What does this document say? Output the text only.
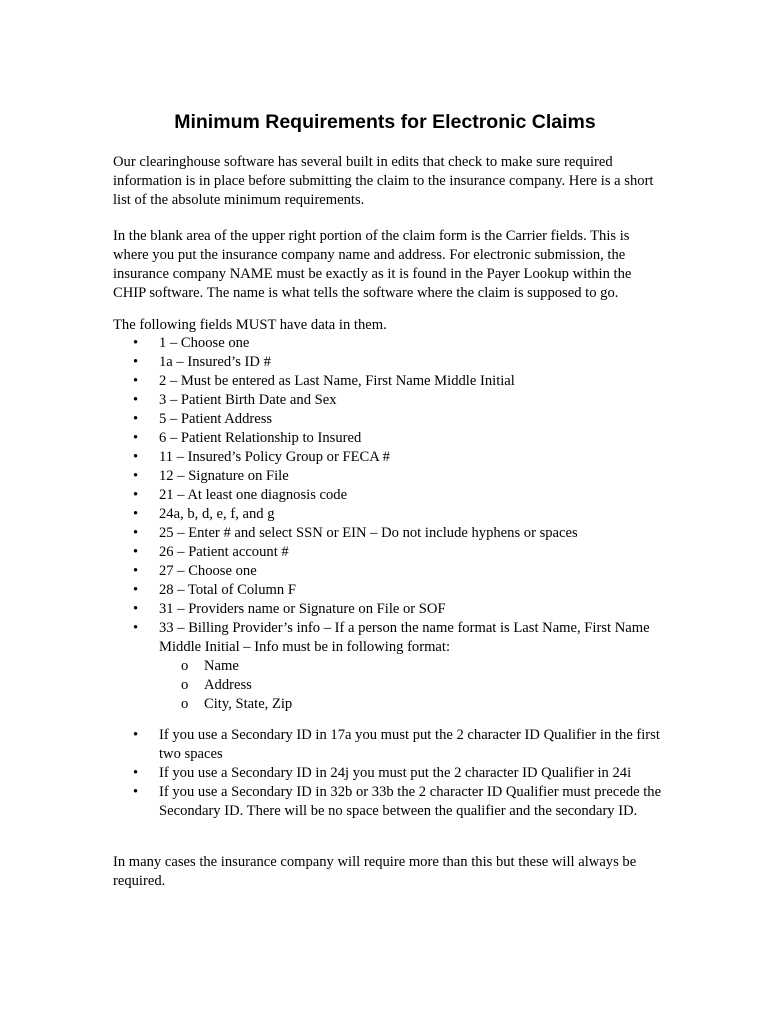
Minimum Requirements for Electronic Claims

Our clearinghouse software has several built in edits that check to make sure required information is in place before submitting the claim to the insurance company. Here is a short list of the absolute minimum requirements.

In the blank area of the upper right portion of the claim form is the Carrier fields. This is where you put the insurance company name and address. For electronic submission, the insurance company NAME must be exactly as it is found in the Payer Lookup within the CHIP software. The name is what tells the software where the claim is supposed to go.

The following fields MUST have data in them.

• 1 – Choose one
• 1a – Insured’s ID #
• 2 – Must be entered as Last Name, First Name Middle Initial
• 3 – Patient Birth Date and Sex
• 5 – Patient Address
• 6 – Patient Relationship to Insured
• 11 – Insured’s Policy Group or FECA #
• 12 – Signature on File
• 21 – At least one diagnosis code
• 24a, b, d, e, f, and g
• 25 – Enter # and select SSN or EIN – Do not include hyphens or spaces
• 26 – Patient account #
• 27 – Choose one
• 28 – Total of Column F
• 31 – Providers name or Signature on File or SOF
• 33 – Billing Provider’s info – If a person the name format is Last Name, First Name Middle Initial – Info must be in following format:
o Name
o Address
o City, State, Zip
• If you use a Secondary ID in 17a you must put the 2 character ID Qualifier in the first two spaces
• If you use a Secondary ID in 24j you must put the 2 character ID Qualifier in 24i
• If you use a Secondary ID in 32b or 33b the 2 character ID Qualifier must precede the Secondary ID. There will be no space between the qualifier and the secondary ID.

In many cases the insurance company will require more than this but these will always be required.
